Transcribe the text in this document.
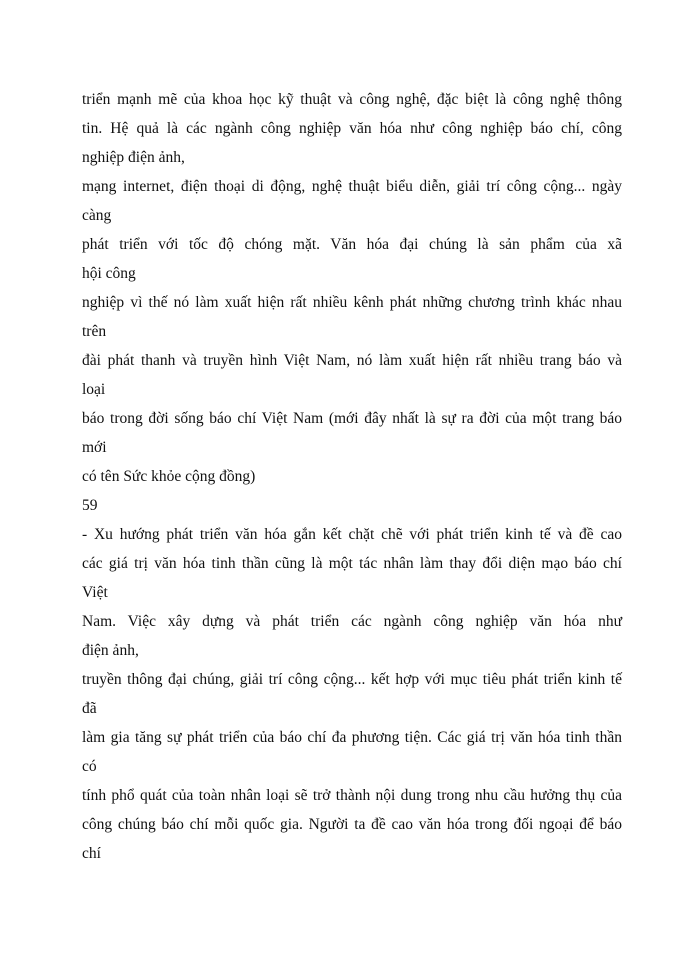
triển mạnh mẽ của khoa học kỹ thuật và công nghệ, đặc biệt là công nghệ thông
tin. Hệ quả là các ngành công nghiệp văn hóa như công nghiệp báo chí, công
nghiệp điện ảnh,
mạng internet, điện thoại di động, nghệ thuật biểu diễn, giải trí công cộng... ngày
càng
phát triển với tốc độ chóng mặt. Văn hóa đại chúng là sản phẩm của xã
hội công
nghiệp vì thế nó làm xuất hiện rất nhiều kênh phát những chương trình khác nhau
trên
đài phát thanh và truyền hình Việt Nam, nó làm xuất hiện rất nhiều trang báo và
loại
báo trong đời sống báo chí Việt Nam (mới đây nhất là sự ra đời của một trang báo
mới
có tên Sức khỏe cộng đồng)
59
- Xu hướng phát triển văn hóa gắn kết chặt chẽ với phát triển kinh tế và đề cao
các giá trị văn hóa tinh thần cũng là một tác nhân làm thay đổi diện mạo báo chí
Việt
Nam. Việc xây dựng và phát triển các ngành công nghiệp văn hóa như
điện ảnh,
truyền thông đại chúng, giải trí công cộng... kết hợp với mục tiêu phát triển kinh tế
đã
làm gia tăng sự phát triển của báo chí đa phương tiện. Các giá trị văn hóa tinh thần
có
tính phổ quát của toàn nhân loại sẽ trở thành nội dung trong nhu cầu hưởng thụ của
công chúng báo chí mỗi quốc gia. Người ta đề cao văn hóa trong đối ngoại để báo
chí
